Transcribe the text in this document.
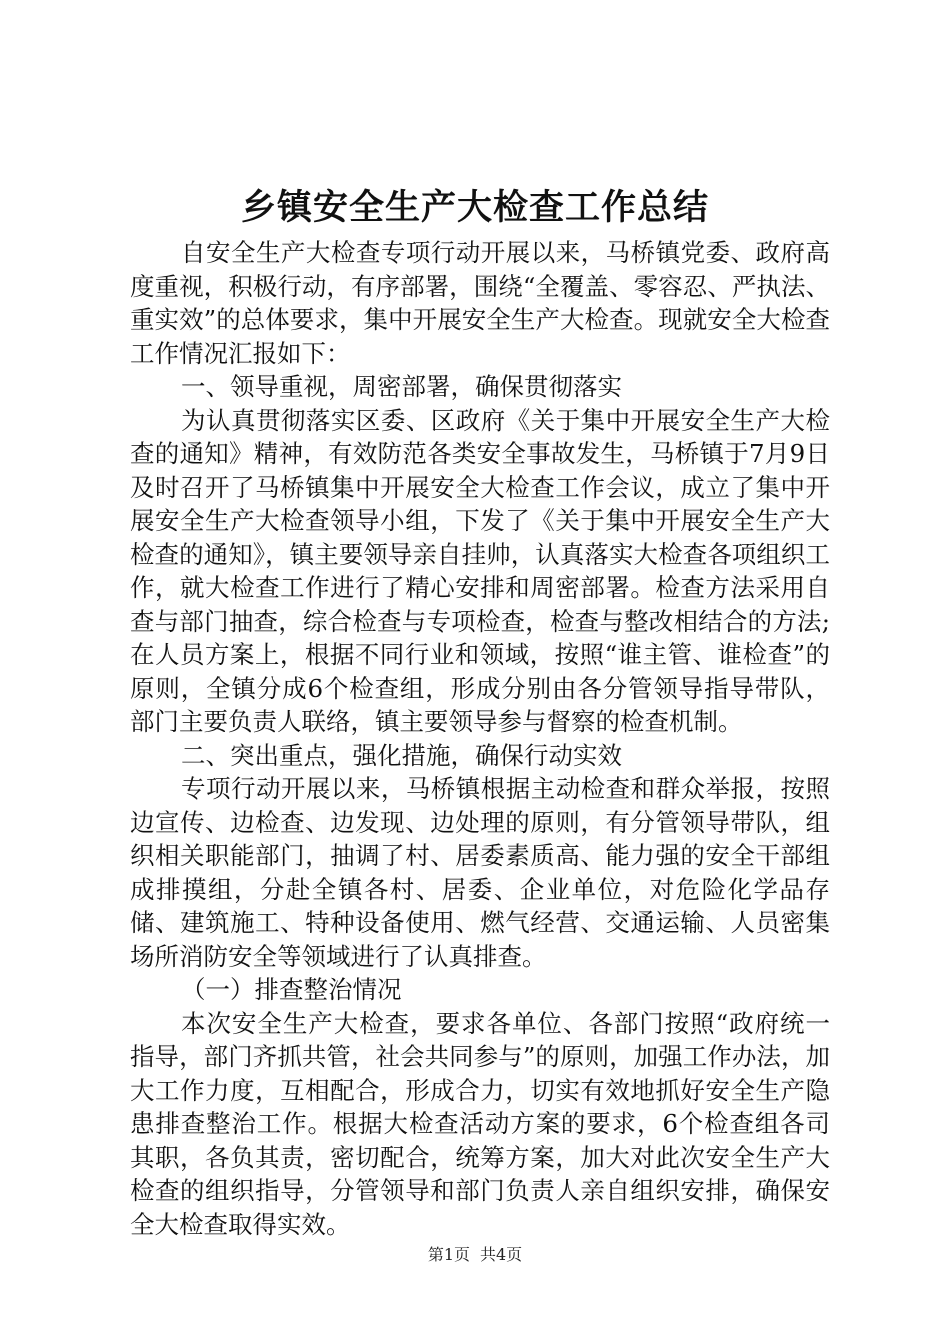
乡镇安全生产大检查工作总结

自安全生产大检查专项行动开展以来，马桥镇党委、政府高度重视，积极行动，有序部署，围绕“全覆盖、零容忍、严执法、重实效”的总体要求，集中开展安全生产大检查。现就安全大检查工作情况汇报如下：

一、领导重视，周密部署，确保贯彻落实

为认真贯彻落实区委、区政府《关于集中开展安全生产大检查的通知》精神，有效防范各类安全事故发生，马桥镇于7月9日及时召开了马桥镇集中开展安全大检查工作会议，成立了集中开展安全生产大检查领导小组，下发了《关于集中开展安全生产大检查的通知》，镇主要领导亲自挂帅，认真落实大检查各项组织工作，就大检查工作进行了精心安排和周密部署。检查方法采用自查与部门抽查，综合检查与专项检查，检查与整改相结合的方法;在人员方案上，根据不同行业和领域，按照“谁主管、谁检查”的原则，全镇分成6个检查组，形成分别由各分管领导指导带队，部门主要负责人联络，镇主要领导参与督察的检查机制。

二、突出重点，强化措施，确保行动实效

专项行动开展以来，马桥镇根据主动检查和群众举报，按照边宣传、边检查、边发现、边处理的原则，有分管领导带队，组织相关职能部门，抽调了村、居委素质高、能力强的安全干部组成排摸组，分赴全镇各村、居委、企业单位，对危险化学品存储、建筑施工、特种设备使用、燃气经营、交通运输、人员密集场所消防安全等领域进行了认真排查。

（一）排查整治情况

本次安全生产大检查，要求各单位、各部门按照“政府统一指导，部门齐抓共管，社会共同参与”的原则，加强工作办法，加大工作力度，互相配合，形成合力，切实有效地抓好安全生产隐患排查整治工作。根据大检查活动方案的要求，6个检查组各司其职，各负其责，密切配合，统筹方案，加大对此次安全生产大检查的组织指导，分管领导和部门负责人亲自组织安排，确保安全大检查取得实效。

第1页 共4页
